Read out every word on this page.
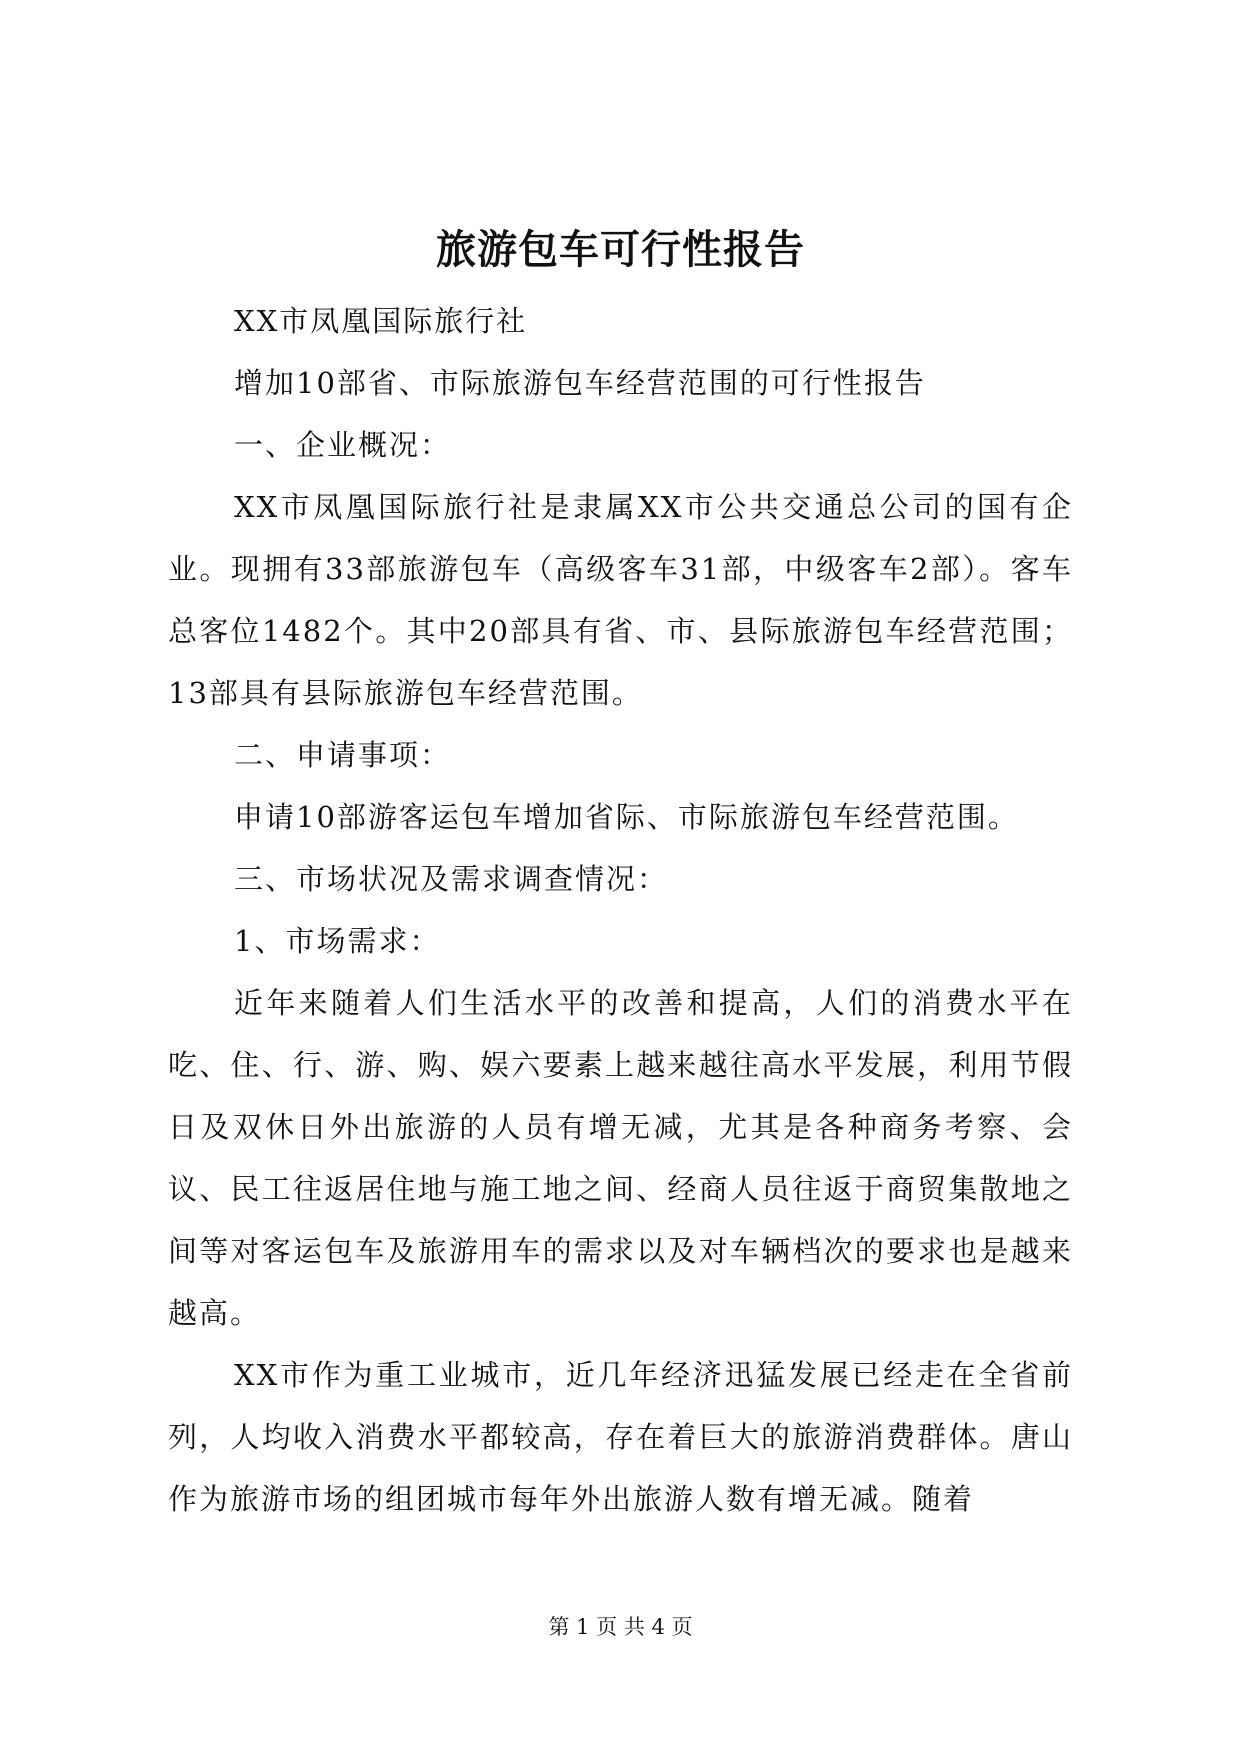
旅游包车可行性报告

XX市凤凰国际旅行社

增加10部省、市际旅游包车经营范围的可行性报告

一、企业概况：

XX市凤凰国际旅行社是隶属XX市公共交通总公司的国有企业。现拥有33部旅游包车（高级客车31部，中级客车2部）。客车总客位1482个。其中20部具有省、市、县际旅游包车经营范围；13部具有县际旅游包车经营范围。

二、申请事项：

申请10部游客运包车增加省际、市际旅游包车经营范围。

三、市场状况及需求调查情况：

1、市场需求：

近年来随着人们生活水平的改善和提高，人们的消费水平在吃、住、行、游、购、娱六要素上越来越往高水平发展，利用节假日及双休日外出旅游的人员有增无减，尤其是各种商务考察、会议、民工往返居住地与施工地之间、经商人员往返于商贸集散地之间等对客运包车及旅游用车的需求以及对车辆档次的要求也是越来越高。

XX市作为重工业城市，近几年经济迅猛发展已经走在全省前列，人均收入消费水平都较高，存在着巨大的旅游消费群体。唐山作为旅游市场的组团城市每年外出旅游人数有增无减。随着

第 1 页 共 4 页
